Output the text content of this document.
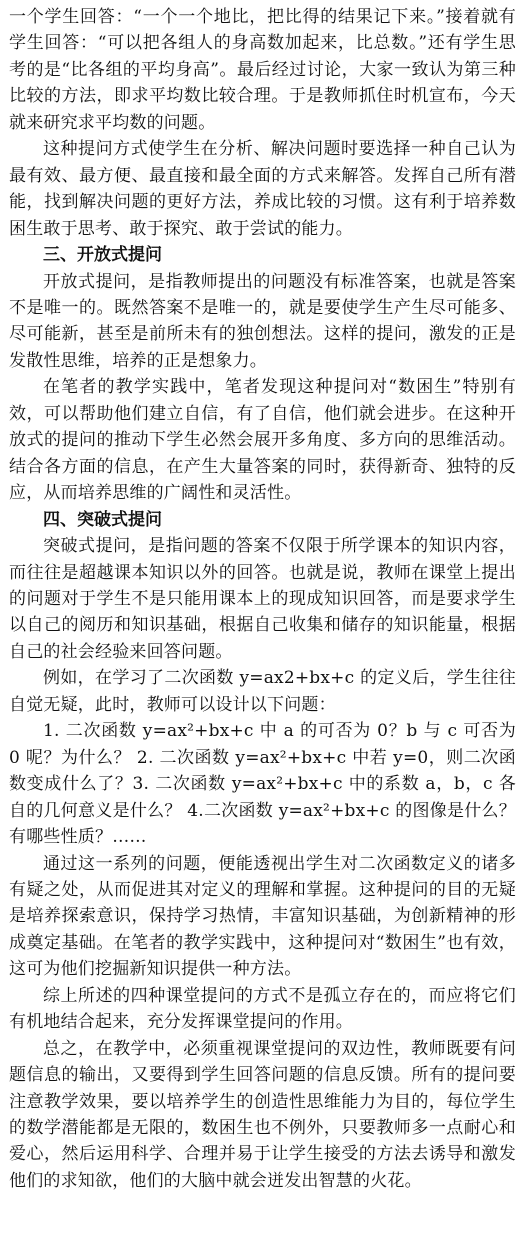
一个学生回答：“一个一个地比，把比得的结果记下来。”接着就有学生回答：“可以把各组人的身高数加起来，比总数。”还有学生思考的是“比各组的平均身高”。最后经过讨论，大家一致认为第三种比较的方法，即求平均数比较合理。于是教师抓住时机宣布，今天就来研究求平均数的问题。

这种提问方式使学生在分析、解决问题时要选择一种自己认为最有效、最方便、最直接和最全面的方式来解答。发挥自己所有潜能，找到解决问题的更好方法，养成比较的习惯。这有利于培养数困生敢于思考、敢于探究、敢于尝试的能力。

三、开放式提问

开放式提问，是指教师提出的问题没有标准答案，也就是答案不是唯一的。既然答案不是唯一的，就是要使学生产生尽可能多、尽可能新，甚至是前所未有的独创想法。这样的提问，激发的正是发散性思维，培养的正是想象力。

在笔者的教学实践中，笔者发现这种提问对“数困生”特别有效，可以帮助他们建立自信，有了自信，他们就会进步。在这种开放式的提问的推动下学生必然会展开多角度、多方向的思维活动。结合各方面的信息，在产生大量答案的同时，获得新奇、独特的反应，从而培养思维的广阔性和灵活性。

四、突破式提问

突破式提问，是指问题的答案不仅限于所学课本的知识内容，而往往是超越课本知识以外的回答。也就是说，教师在课堂上提出的问题对于学生不是只能用课本上的现成知识回答，而是要求学生以自己的阅历和知识基础，根据自己收集和储存的知识能量，根据自己的社会经验来回答问题。

例如，在学习了二次函数 y=ax2+bx+c 的定义后，学生往往自觉无疑，此时，教师可以设计以下问题：

1. 二次函数 y=ax²+bx+c 中 a 的可否为 0？b 与 c 可否为 0 呢？为什么？ 2. 二次函数 y=ax²+bx+c 中若 y=0，则二次函数变成什么了？3. 二次函数 y=ax²+bx+c 中的系数 a，b，c 各自的几何意义是什么？ 4.二次函数 y=ax²+bx+c 的图像是什么？有哪些性质？……

通过这一系列的问题，便能透视出学生对二次函数定义的诸多有疑之处，从而促进其对定义的理解和掌握。这种提问的目的无疑是培养探索意识，保持学习热情，丰富知识基础，为创新精神的形成奠定基础。在笔者的教学实践中，这种提问对“数困生”也有效，这可为他们挖掘新知识提供一种方法。

综上所述的四种课堂提问的方式不是孤立存在的，而应将它们有机地结合起来，充分发挥课堂提问的作用。

总之，在教学中，必须重视课堂提问的双边性，教师既要有问题信息的输出，又要得到学生回答问题的信息反馈。所有的提问要注意教学效果，要以培养学生的创造性思维能力为目的，每位学生的数学潜能都是无限的，数困生也不例外，只要教师多一点耐心和爱心，然后运用科学、合理并易于让学生接受的方法去诱导和激发他们的求知欲，他们的大脑中就会迸发出智慧的火花。
